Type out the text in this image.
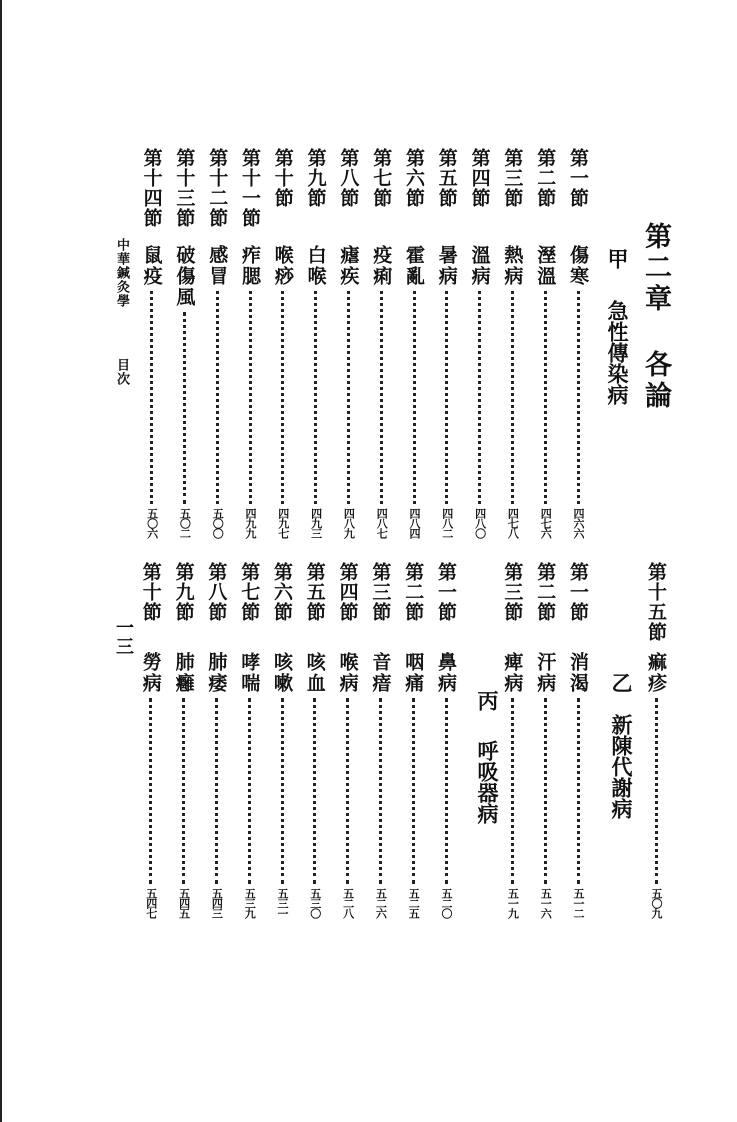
第二章 各論
甲
急性傳染病
乙
新陳代謝病
丙
呼吸器病
第一節
傷寒
四六六
第二節
溼溫
四七六
第三節
熱病
四七八
第四節
溫病
四八〇
第五節
暑病
四八二
第六節
霍亂
四八四
第七節
疫痢
四八七
第八節
瘧疾
四八九
第九節
白喉
四九三
第十節
喉痧
四九七
第十一節
痄腮
四九九
第十二節
感冒
五〇〇
第十三節
破傷風
五〇二
第十四節
鼠疫
五〇六
第十五節
痲疹
五〇九
第一節
消渴
五一二
第二節
汗病
五一六
第三節
痺病
五一九
第一節
鼻病
五二〇
第二節
咽痛
五二五
第三節
音瘖
五二六
第四節
喉病
五二八
第五節
咳血
五三〇
第六節
咳嗽
五三一
第七節
哮喘
五三九
第八節
肺痿
五四三
第九節
肺癰
五四五
第十節
勞病
五四七
中華鍼灸學
目次
一三
